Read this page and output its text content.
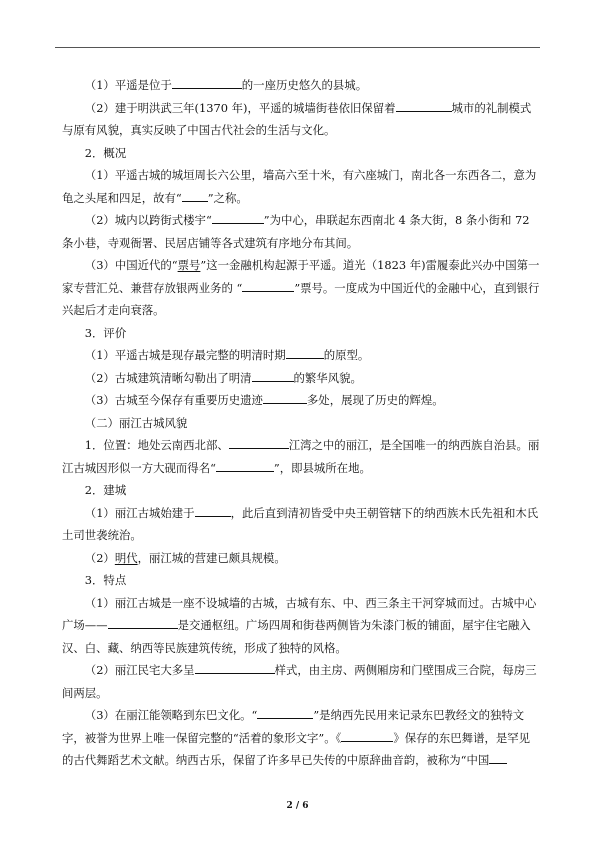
（1）平遥是位于	的一座历史悠久的县城。

（2）建于明洪武三年(1370 年)，平遥的城墙街巷依旧保留着	城市的礼制模式与原有风貌，真实反映了中国古代社会的生活与文化。

2．概况

（1）平遥古城的城垣周长六公里，墙高六至十米，有六座城门，南北各一东西各二，意为龟之头尾和四足，故有“ ”之称。

（2）城内以跨街式楼宇“	”为中心，串联起东西南北 4 条大街，8 条小街和 72 条小巷，寺观衙署、民居店铺等各式建筑有序地分布其间。

（3）中国近代的“票号”这一金融机构起源于平遥。道光（1823 年)雷履泰此兴办中国第一家专营汇兑、兼营存放银两业务的 “	”票号。一度成为中国近代的金融中心，直到银行兴起后才走向衰落。

3．评价

（1）平遥古城是现存最完整的明清时期	的原型。

（2）古城建筑清晰勾勒出了明清	的繁华风貌。

（3）古城至今保存有重要历史遗迹	多处，展现了历史的辉煌。

（二）丽江古城风貌

1．位置：地处云南西北部、	江湾之中的丽江，是全国唯一的纳西族自治县。丽江古城因形似一方大砚而得名“	”，即县城所在地。

2．建城

（1）丽江古城始建于	，此后直到清初皆受中央王朝管辖下的纳西族木氏先祖和木氏土司世袭统治。

（2）明代，丽江城的营建已颇具规模。

3．特点

（1）丽江古城是一座不设城墙的古城，古城有东、中、西三条主干河穿城而过。古城中心广场——	是交通枢纽。广场四周和街巷两侧皆为朱漆门板的铺面，屋宇住宅融入汉、白、藏、纳西等民族建筑传统，形成了独特的风格。

（2）丽江民宅大多呈	样式，由主房、两侧厢房和门壁围成三合院，每房三间两层。

（3）在丽江能领略到东巴文化。“	”是纳西先民用来记录东巴教经文的独特文字，被誉为世界上唯一保留完整的“活着的象形文字”。《	》保存的东巴舞谱，是罕见的古代舞蹈艺术文献。纳西古乐，保留了许多早已失传的中原辞曲音韵，被称为“中国

2 / 6
